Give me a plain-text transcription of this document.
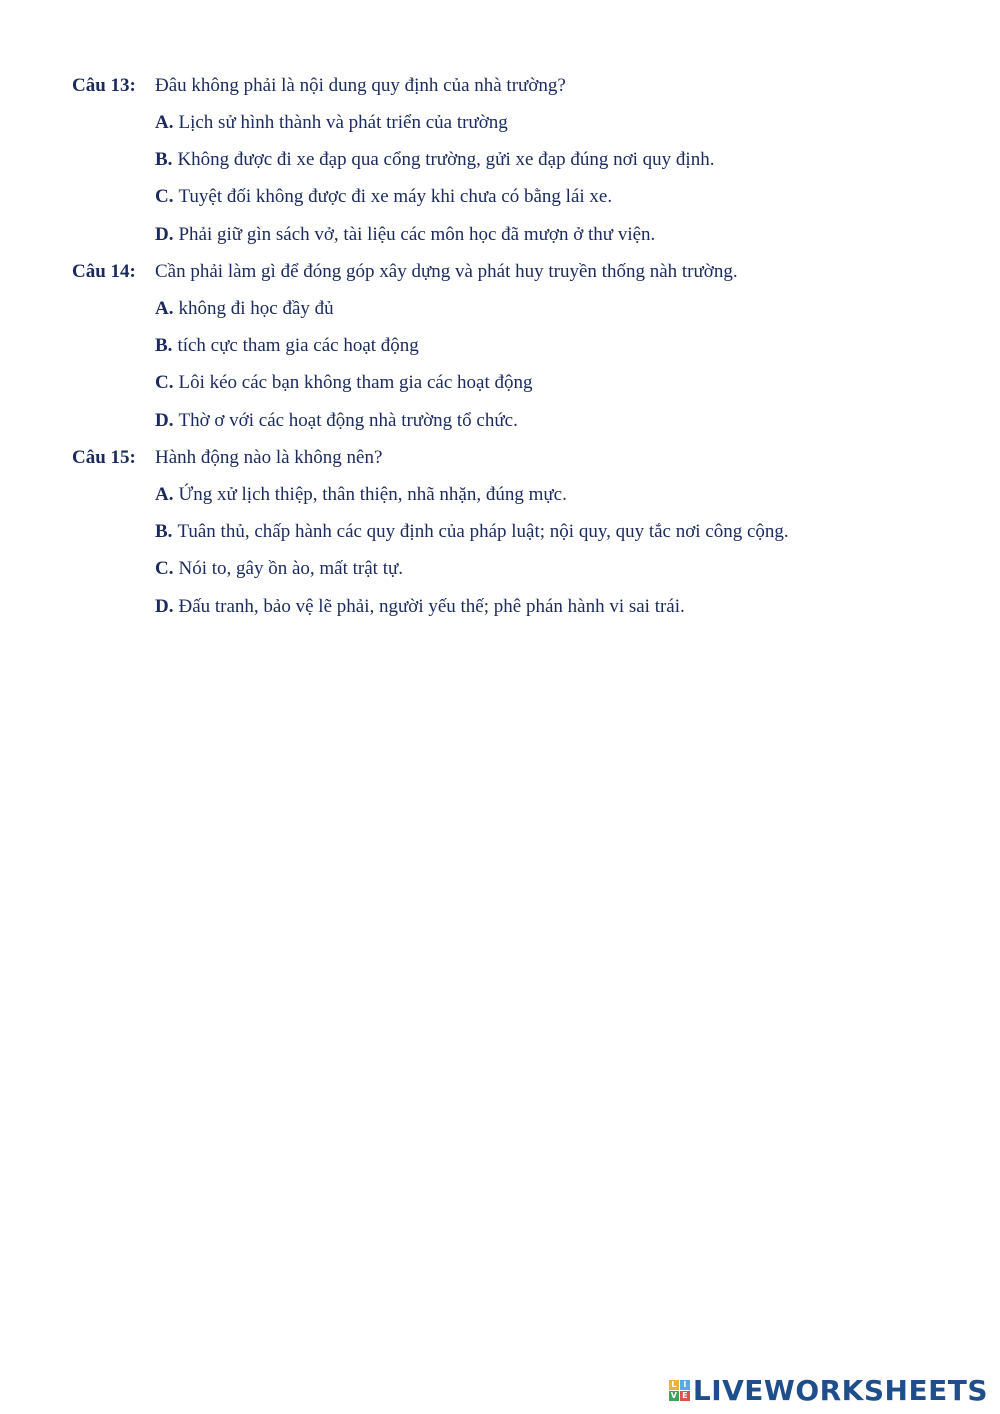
Câu 13:	Đâu không phải là nội dung quy định của nhà trường?
A. Lịch sử hình thành và phát triển của trường
B. Không được đi xe đạp qua cổng trường, gửi xe đạp đúng nơi quy định.
C. Tuyệt đối không được đi xe máy khi chưa có bằng lái xe.
D. Phải giữ gìn sách vở, tài liệu các môn học đã mượn ở thư viện.
Câu 14:	Cần phải làm gì để đóng góp xây dựng và phát huy truyền thống nàh trường.
A. không đi học đầy đủ
B. tích cực tham gia các hoạt động
C. Lôi kéo các bạn không tham gia các hoạt động
D. Thờ ơ với các hoạt động nhà trường tổ chức.
Câu 15:	Hành động nào là không nên?
A. Ứng xử lịch thiệp, thân thiện, nhã nhặn, đúng mực.
B. Tuân thủ, chấp hành các quy định của pháp luật; nội quy, quy tắc nơi công cộng.
C. Nói to, gây ồn ào, mất trật tự.
D. Đấu tranh, bảo vệ lẽ phải, người yếu thế; phê phán hành vi sai trái.
L I
V E LIVEWORKSHEETS
